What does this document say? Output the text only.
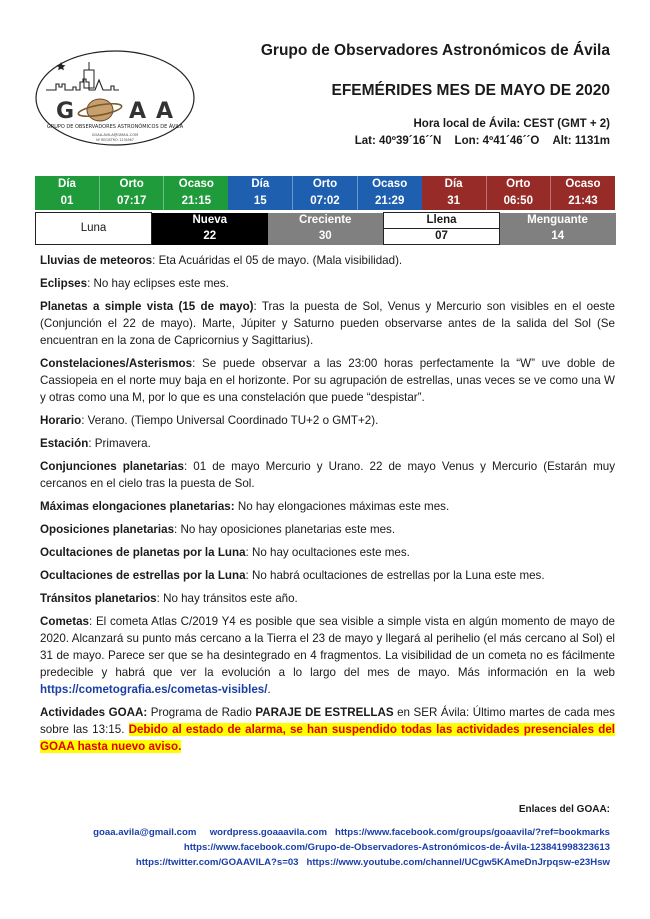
G A A
GRUPO DE OBSERVADORES ASTRONÓMICOS DE ÁVILA
GOAA.AVILA@GMAIL.COM
Nº REGISTRO: 1234567
Grupo de Observadores Astronómicos de Ávila
EFEMÉRIDES MES DE MAYO DE 2020
Hora local de Ávila: CEST (GMT + 2)
Lat: 40º39´16´´N Lon: 4º41´46´´O Alt: 1131m
Día	Orto	Ocaso	Día	Orto	Ocaso	Día	Orto	Ocaso
01	07:17	21:15	15	07:02	21:29	31	06:50	21:43
Luna	Nueva	Creciente	Llena	Menguante
	22	30	07	14

Lluvias de meteoros: Eta Acuáridas el 05 de mayo. (Mala visibilidad).

Eclipses: No hay eclipses este mes.

Planetas a simple vista (15 de mayo): Tras la puesta de Sol, Venus y Mercurio son visibles en el oeste (Conjunción el 22 de mayo). Marte, Júpiter y Saturno pueden observarse antes de la salida del Sol (Se encuentran en la zona de Capricornius y Sagittarius).

Constelaciones/Asterismos: Se puede observar a las 23:00 horas perfectamente la “W” uve doble de Cassiopeia en el norte muy baja en el horizonte. Por su agrupación de estrellas, unas veces se ve como una W y otras como una M, por lo que es una constelación que puede “despistar”.

Horario: Verano. (Tiempo Universal Coordinado TU+2 o GMT+2).

Estación: Primavera.

Conjunciones planetarias: 01 de mayo Mercurio y Urano. 22 de mayo Venus y Mercurio (Estarán muy cercanos en el cielo tras la puesta de Sol.

Máximas elongaciones planetarias: No hay elongaciones máximas este mes.

Oposiciones planetarias: No hay oposiciones planetarias este mes.

Ocultaciones de planetas por la Luna: No hay ocultaciones este mes.

Ocultaciones de estrellas por la Luna: No habrá ocultaciones de estrellas por la Luna este mes.

Tránsitos planetarios: No hay tránsitos este año.

Cometas: El cometa Atlas C/2019 Y4 es posible que sea visible a simple vista en algún momento de mayo de 2020. Alcanzará su punto más cercano a la Tierra el 23 de mayo y llegará al perihelio (el más cercano al Sol) el 31 de mayo. Parece ser que se ha desintegrado en 4 fragmentos. La visibilidad de un cometa no es fácilmente predecible y habrá que ver la evolución a lo largo del mes de mayo. Más información en la web https://cometografia.es/cometas-visibles/.

Actividades GOAA: Programa de Radio PARAJE DE ESTRELLAS en SER Ávila: Último martes de cada mes sobre las 13:15. Debido al estado de alarma, se han suspendido todas las actividades presenciales del GOAA hasta nuevo aviso.

Enlaces del GOAA:
goaa.avila@gmail.com wordpress.goaaavila.com https://www.facebook.com/groups/goaavila/?ref=bookmarks
https://www.facebook.com/Grupo-de-Observadores-Astronómicos-de-Ávila-123841998323613
https://twitter.com/GOAAVILA?s=03 https://www.youtube.com/channel/UCgw5KAmeDnJrpqsw-e23Hsw
